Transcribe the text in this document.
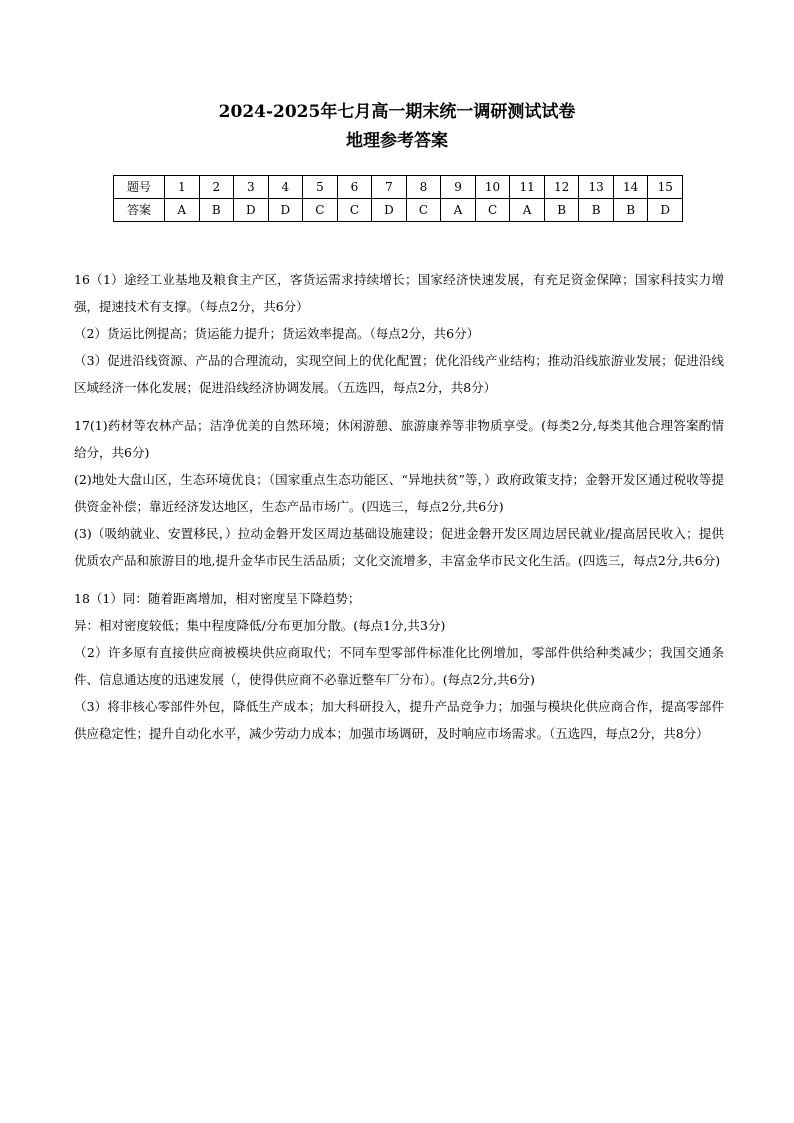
2024-2025年七月高一期末统一调研测试试卷
地理参考答案
题号	1	2	3	4	5	6	7	8	9	10	11	12	13	14	15
答案	A	B	D	D	C	C	D	C	A	C	A	B	B	B	D

16（1）途经工业基地及粮食主产区，客货运需求持续增长；国家经济快速发展，有充足资金保障；国家科技实力增强，提速技术有支撑。（每点2分，共6分）

（2）货运比例提高；货运能力提升；货运效率提高。（每点2分，共6分）

（3）促进沿线资源、产品的合理流动，实现空间上的优化配置；优化沿线产业结构；推动沿线旅游业发展；促进沿线区域经济一体化发展；促进沿线经济协调发展。（五选四，每点2分，共8分）

17(1)药材等农林产品；洁净优美的自然环境；休闲游憩、旅游康养等非物质享受。(每类2分,每类其他合理答案酌情给分，共6分)

(2)地处大盘山区，生态环境优良；（国家重点生态功能区、“异地扶贫”等，）政府政策支持；金磐开发区通过税收等提供资金补偿；靠近经济发达地区，生态产品市场广。(四选三，每点2分,共6分)

(3)（吸纳就业、安置移民，）拉动金磐开发区周边基础设施建设；促进金磐开发区周边居民就业/提高居民收入；提供优质农产品和旅游目的地,提升金华市民生活品质；文化交流增多，丰富金华市民文化生活。(四选三，每点2分,共6分)

18（1）同：随着距离增加，相对密度呈下降趋势；

异：相对密度较低；集中程度降低/分布更加分散。(每点1分,共3分)

（2）许多原有直接供应商被模块供应商取代；不同车型零部件标准化比例增加，零部件供给种类减少；我国交通条件、信息通达度的迅速发展（，使得供应商不必靠近整车厂分布）。(每点2分,共6分)

（3）将非核心零部件外包，降低生产成本；加大科研投入，提升产品竞争力；加强与模块化供应商合作，提高零部件供应稳定性；提升自动化水平，减少劳动力成本；加强市场调研，及时响应市场需求。（五选四，每点2分，共8分）
